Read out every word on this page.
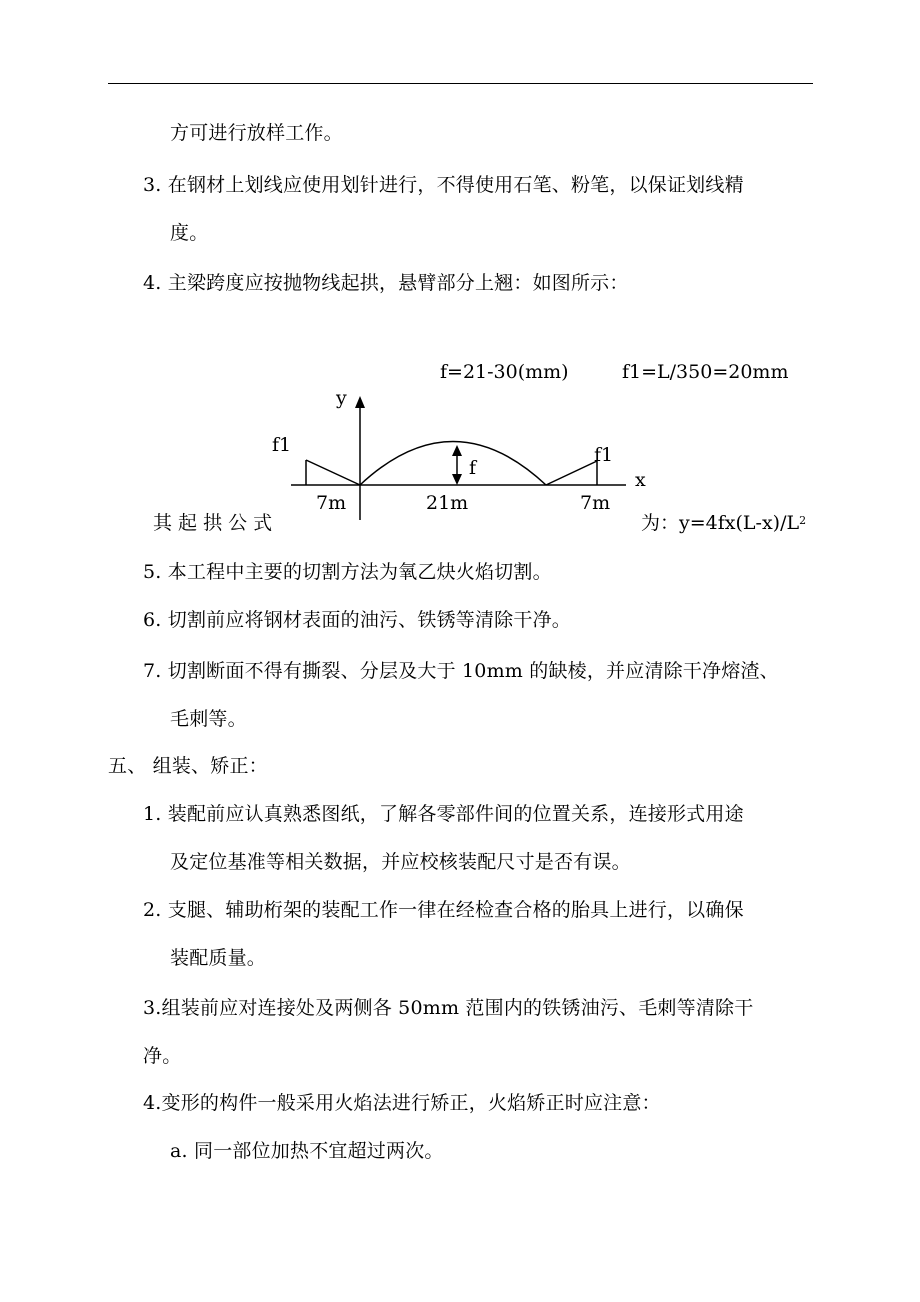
方可进行放样工作。
3. 在钢材上划线应使用划针进行，不得使用石笔、粉笔，以保证划线精
度。
4. 主梁跨度应按抛物线起拱，悬臂部分上翘：如图所示：
f=21-30(mm)	f1=L/350=20mm
y
f1
f
f1
x
7m	21m	7m
其 起 拱 公 式	为：$y=4fx(L-x)/L^2$
5. 本工程中主要的切割方法为氧乙炔火焰切割。
6. 切割前应将钢材表面的油污、铁锈等清除干净。
7. 切割断面不得有撕裂、分层及大于 10mm 的缺棱，并应清除干净熔渣、
毛刺等。
五、 组装、矫正：
1. 装配前应认真熟悉图纸，了解各零部件间的位置关系，连接形式用途
及定位基准等相关数据，并应校核装配尺寸是否有误。
2. 支腿、辅助桁架的装配工作一律在经检查合格的胎具上进行，以确保
装配质量。
3.组装前应对连接处及两侧各 50mm 范围内的铁锈油污、毛刺等清除干
净。
4.变形的构件一般采用火焰法进行矫正，火焰矫正时应注意：
a. 同一部位加热不宜超过两次。
